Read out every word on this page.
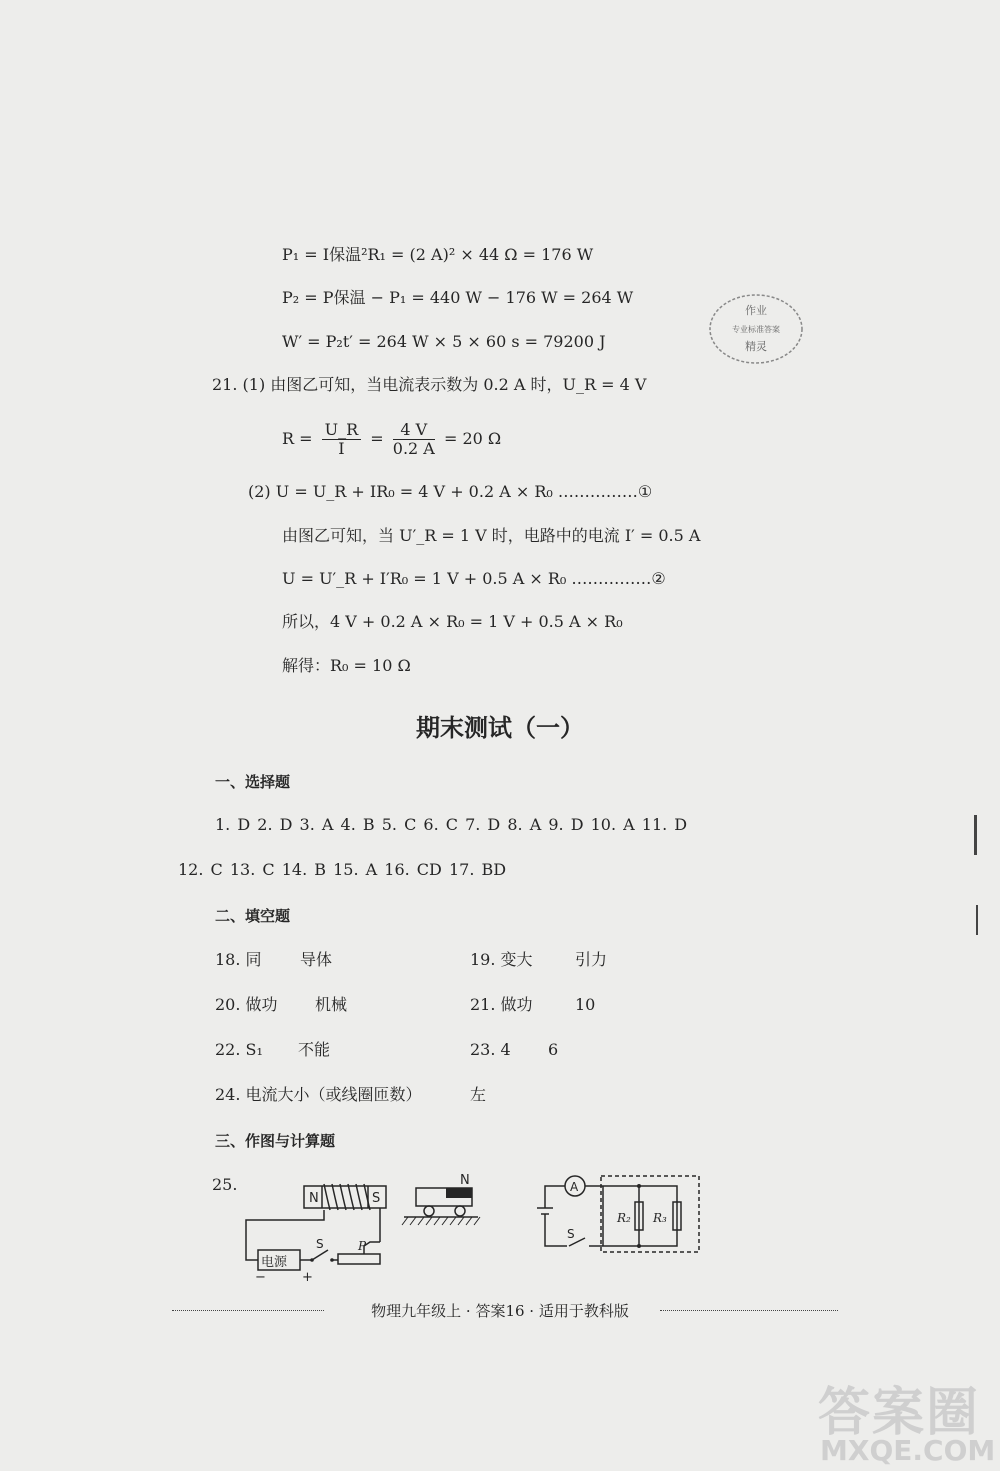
P₁ = I保温²R₁ = (2 A)² × 44 Ω = 176 W
P₂ = P保温 − P₁ = 440 W − 176 W = 264 W
W′ = P₂t′ = 264 W × 5 × 60 s = 79200 J
作业
专业标准答案
精灵
21. (1) 由图乙可知，当电流表示数为 0.2 A 时，U_R = 4 V
$R = \frac{U\_R}{I} = \frac{4 V}{0.2 A} = 20$ Ω
(2) U = U_R + IR₀ = 4 V + 0.2 A × R₀ ……………①
由图乙可知，当 U′_R = 1 V 时，电路中的电流 I′ = 0.5 A
U = U′_R + I′R₀ = 1 V + 0.5 A × R₀ ……………②
所以，4 V + 0.2 A × R₀ = 1 V + 0.5 A × R₀
解得：R₀ = 10 Ω
期末测试（一）
一、选择题
1. D 2. D 3. A 4. B 5. C 6. C 7. D 8. A 9. D 10. A 11. D
12. C 13. C 14. B 15. A 16. CD 17. BD
二、填空题
18. 同 导体	19. 变大	引力
20. 做功 机械	21. 做功	10
22. S₁ 不能	23. 4 6
24. 电流大小（或线圈匝数）	左
三、作图与计算题
25.
N	S
电源
S	P
−	+
N	A
S
R₂ R₃
物理九年级上 · 答案16 · 适用于教科版
答案圈
MXQE.COM
